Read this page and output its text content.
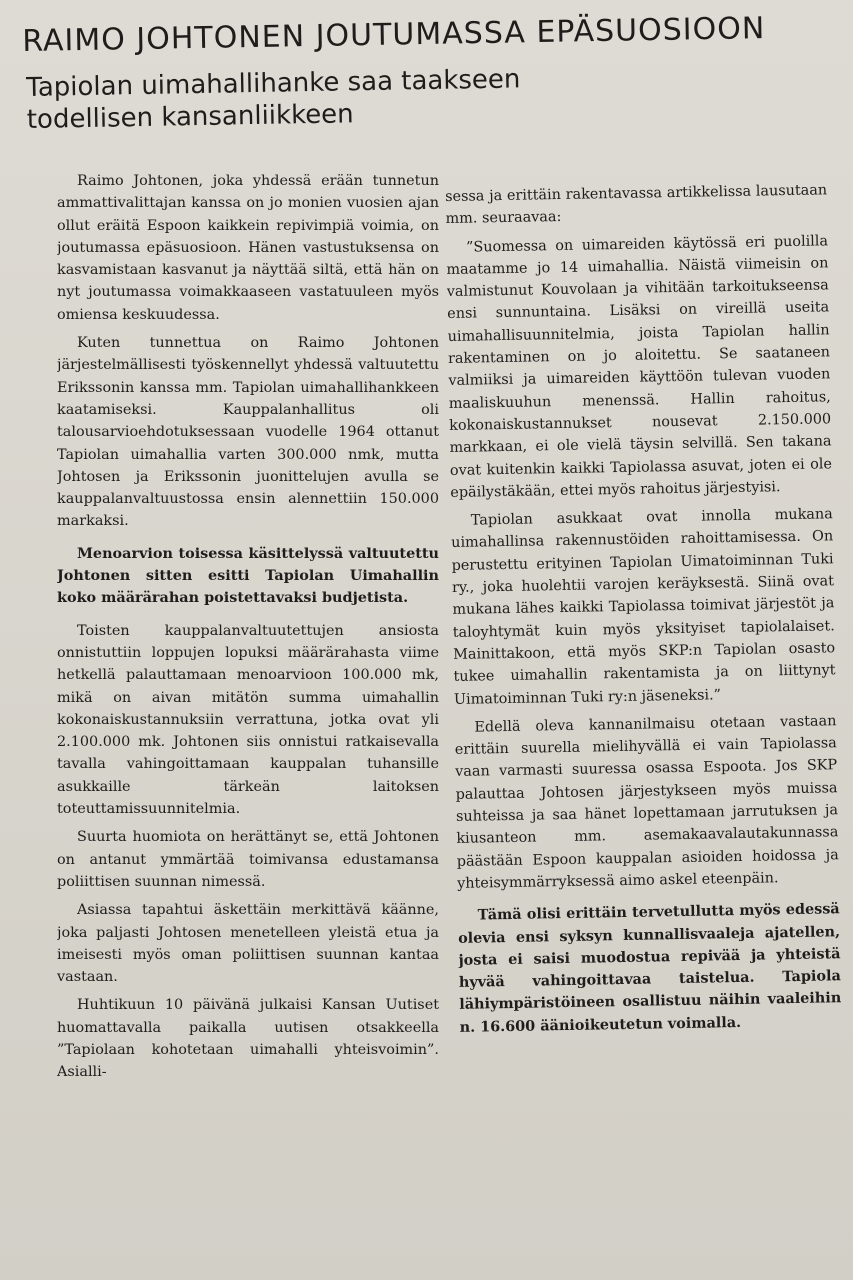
RAIMO JOHTONEN JOUTUMASSA EPÄSUOSIOON
Tapiolan uimahallihanke saa taakseen
todellisen kansanliikkeen

Raimo Johtonen, joka yhdessä erään tunnetun ammattivalittajan kanssa on jo monien vuosien ajan ollut eräitä Espoon kaikkein repivimpiä voimia, on joutumassa epäsuosioon. Hänen vastustuksensa on kasvamistaan kasvanut ja näyttää siltä, että hän on nyt joutumassa voimakkaaseen vastatuuleen myös omiensa keskuudessa.

Kuten tunnettua on Raimo Johtonen järjestelmällisesti työskennellyt yhdessä valtuutettu Erikssonin kanssa mm. Tapiolan uimahallihankkeen kaatamiseksi. Kauppalanhallitus oli talousarvioehdotuksessaan vuodelle 1964 ottanut Tapiolan uimahallia varten 300.000 nmk, mutta Johtosen ja Erikssonin juonittelujen avulla se kauppalanvaltuustossa ensin alennettiin 150.000 markaksi.

Menoarvion toisessa käsittelyssä valtuutettu Johtonen sitten esitti Tapiolan Uimahallin koko määrärahan poistettavaksi budjetista.

Toisten kauppalanvaltuutettujen ansiosta onnistuttiin loppujen lopuksi määrärahasta viime hetkellä palauttamaan menoarvioon 100.000 mk, mikä on aivan mitätön summa uimahallin kokonaiskustannuksiin verrattuna, jotka ovat yli 2.100.000 mk. Johtonen siis onnistui ratkaisevalla tavalla vahingoittamaan kauppalan tuhansille asukkaille tärkeän laitoksen toteuttamissuunnitelmia.

Suurta huomiota on herättänyt se, että Johtonen on antanut ymmärtää toimivansa edustamansa poliittisen suunnan nimessä.

Asiassa tapahtui äskettäin merkittävä käänne, joka paljasti Johtosen menetelleen yleistä etua ja imeisesti myös oman poliittisen suunnan kantaa vastaan.

Huhtikuun 10 päivänä julkaisi Kansan Uutiset huomattavalla paikalla uutisen otsakkeella ”Tapiolaan kohotetaan uimahalli yhteisvoimin”. Asialli-

sessa ja erittäin rakentavassa artikkelissa lausutaan mm. seuraavaa:

”Suomessa on uimareiden käytössä eri puolilla maatamme jo 14 uimahallia. Näistä viimeisin on valmistunut Kouvolaan ja vihitään tarkoitukseensa ensi sunnuntaina. Lisäksi on vireillä useita uimahallisuunnitelmia, joista Tapiolan hallin rakentaminen on jo aloitettu. Se saataneen valmiiksi ja uimareiden käyttöön tulevan vuoden maaliskuuhun menenssä. Hallin rahoitus, kokonaiskustannukset nousevat 2.150.000 markkaan, ei ole vielä täysin selvillä. Sen takana ovat kuitenkin kaikki Tapiolassa asuvat, joten ei ole epäilystäkään, ettei myös rahoitus järjestyisi.

Tapiolan asukkaat ovat innolla mukana uimahallinsa rakennustöiden rahoittamisessa. On perustettu erityinen Tapiolan Uimatoiminnan Tuki ry., joka huolehtii varojen keräyksestä. Siinä ovat mukana lähes kaikki Tapiolassa toimivat järjestöt ja taloyhtymät kuin myös yksityiset tapiolalaiset. Mainittakoon, että myös SKP:n Tapiolan osasto tukee uimahallin rakentamista ja on liittynyt Uimatoiminnan Tuki ry:n jäseneksi.”

Edellä oleva kannanilmaisu otetaan vastaan erittäin suurella mielihyvällä ei vain Tapiolassa vaan varmasti suuressa osassa Espoota. Jos SKP palauttaa Johtosen järjestykseen myös muissa suhteissa ja saa hänet lopettamaan jarrutuksen ja kiusanteon mm. asemakaavalautakunnassa päästään Espoon kauppalan asioiden hoidossa ja yhteisymmärryksessä aimo askel eteenpäin.

Tämä olisi erittäin tervetullutta myös edessä olevia ensi syksyn kunnallisvaaleja ajatellen, josta ei saisi muodostua repivää ja yhteistä hyvää vahingoittavaa taistelua. Tapiola lähiympäristöineen osallistuu näihin vaaleihin n. 16.600 äänioikeutetun voimalla.
